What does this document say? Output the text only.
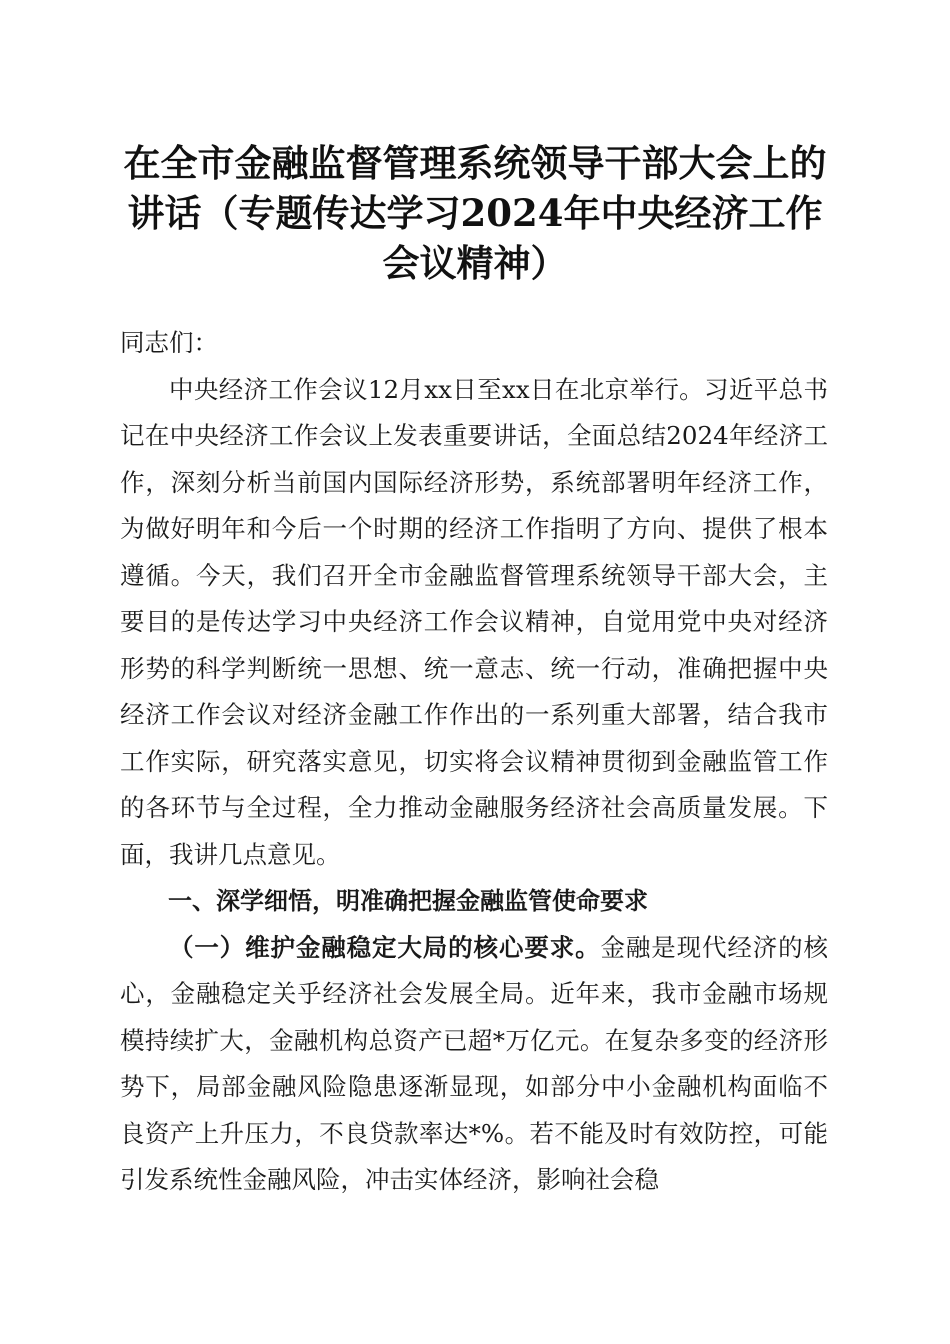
在全市金融监督管理系统领导干部大会上的讲话（专题传达学习2024年中央经济工作会议精神）

同志们：

中央经济工作会议12月xx日至xx日在北京举行。习近平总书记在中央经济工作会议上发表重要讲话，全面总结2024年经济工作，深刻分析当前国内国际经济形势，系统部署明年经济工作，为做好明年和今后一个时期的经济工作指明了方向、提供了根本遵循。今天，我们召开全市金融监督管理系统领导干部大会，主要目的是传达学习中央经济工作会议精神，自觉用党中央对经济形势的科学判断统一思想、统一意志、统一行动，准确把握中央经济工作会议对经济金融工作作出的一系列重大部署，结合我市工作实际，研究落实意见，切实将会议精神贯彻到金融监管工作的各环节与全过程，全力推动金融服务经济社会高质量发展。下面，我讲几点意见。

一、深学细悟，明准确把握金融监管使命要求

（一）维护金融稳定大局的核心要求。金融是现代经济的核心，金融稳定关乎经济社会发展全局。近年来，我市金融市场规模持续扩大，金融机构总资产已超*万亿元。在复杂多变的经济形势下，局部金融风险隐患逐渐显现，如部分中小金融机构面临不良资产上升压力，不良贷款率达*%。若不能及时有效防控，可能引发系统性金融风险，冲击实体经济，影响社会稳
